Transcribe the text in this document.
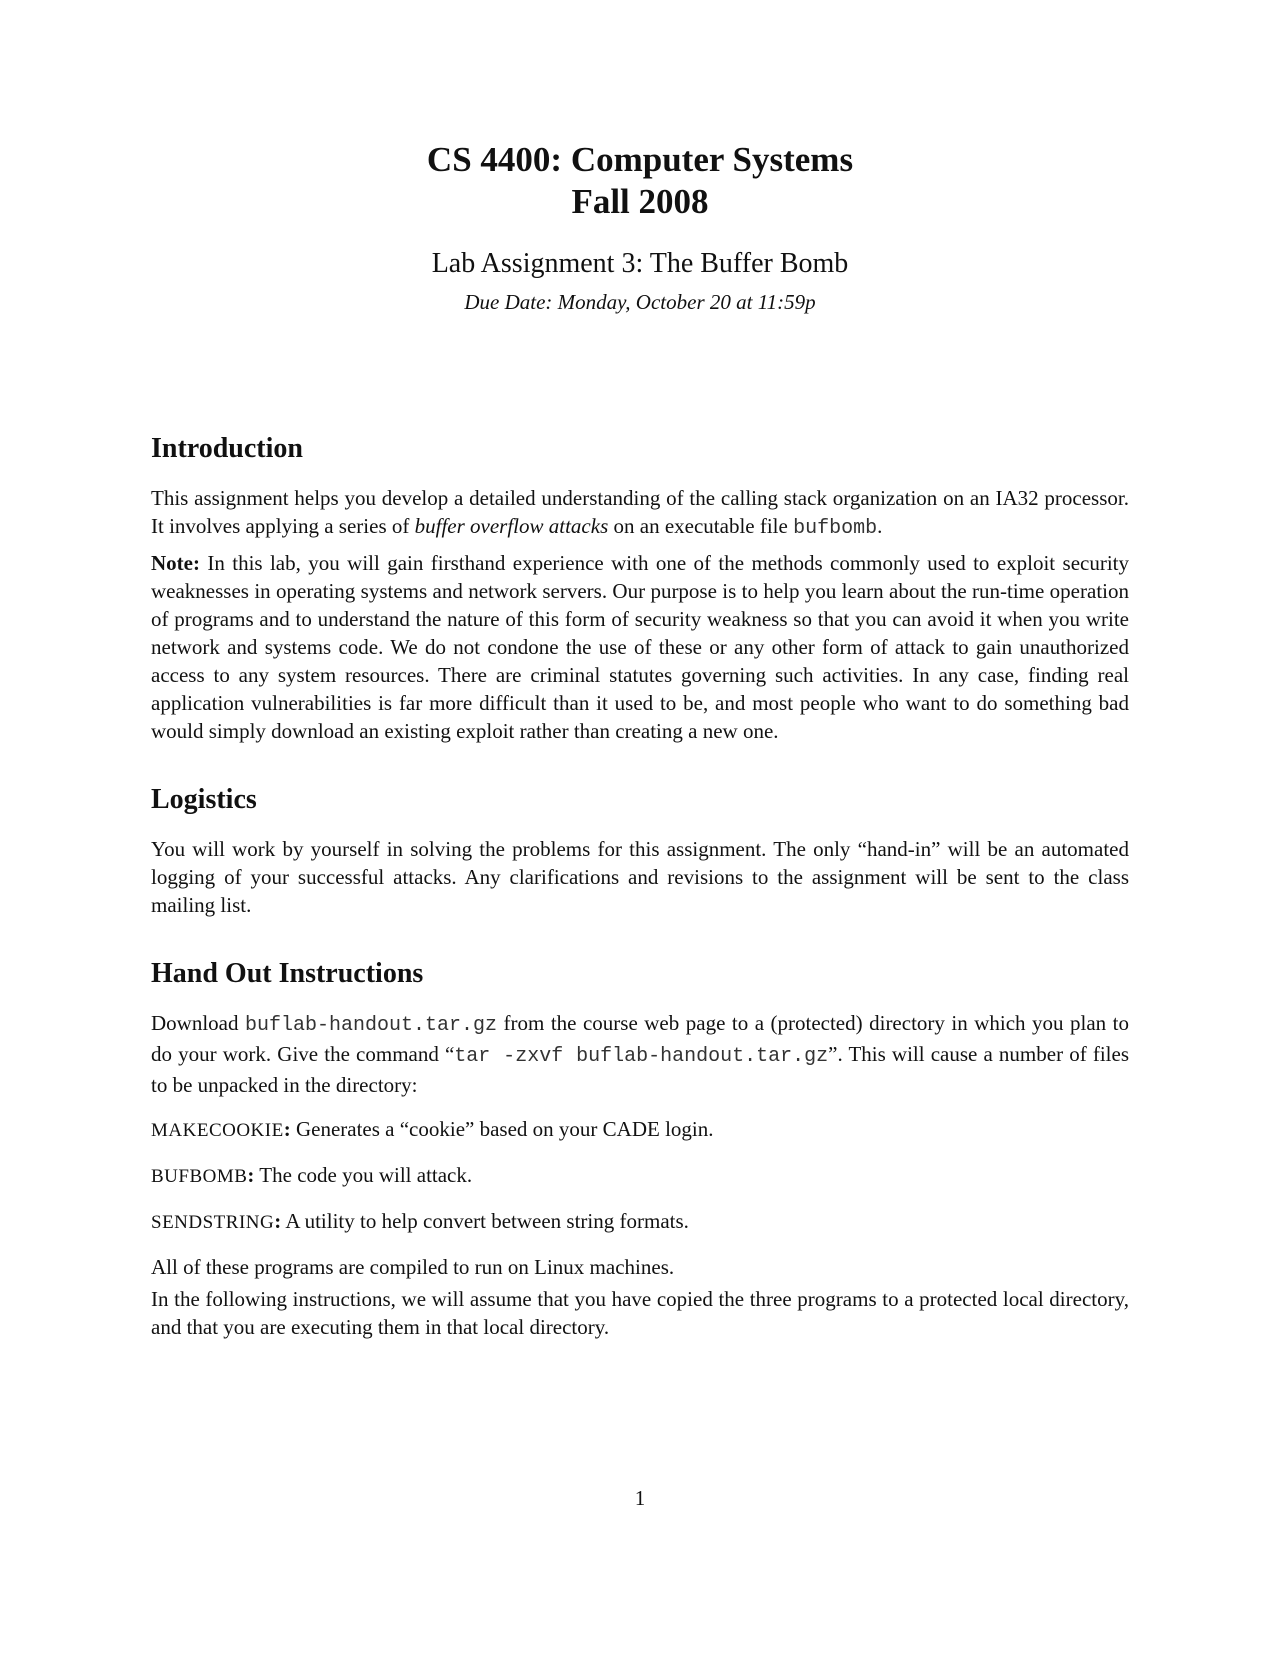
CS 4400: Computer Systems
Fall 2008
Lab Assignment 3: The Buffer Bomb
Due Date: Monday, October 20 at 11:59p
Introduction

This assignment helps you develop a detailed understanding of the calling stack organization on an IA32 processor. It involves applying a series of buffer overflow attacks on an executable file bufbomb.

Note: In this lab, you will gain firsthand experience with one of the methods commonly used to exploit security weaknesses in operating systems and network servers. Our purpose is to help you learn about the run-time operation of programs and to understand the nature of this form of security weakness so that you can avoid it when you write network and systems code. We do not condone the use of these or any other form of attack to gain unauthorized access to any system resources. There are criminal statutes governing such activities. In any case, finding real application vulnerabilities is far more difficult than it used to be, and most people who want to do something bad would simply download an existing exploit rather than creating a new one.

Logistics

You will work by yourself in solving the problems for this assignment. The only “hand-in” will be an automated logging of your successful attacks. Any clarifications and revisions to the assignment will be sent to the class mailing list.

Hand Out Instructions

Download buflab-handout.tar.gz from the course web page to a (protected) directory in which you plan to do your work. Give the command “tar -zxvf buflab-handout.tar.gz”. This will cause a number of files to be unpacked in the directory:

MAKECOOKIE: Generates a “cookie” based on your CADE login.

BUFBOMB: The code you will attack.

SENDSTRING: A utility to help convert between string formats.

All of these programs are compiled to run on Linux machines.

In the following instructions, we will assume that you have copied the three programs to a protected local directory, and that you are executing them in that local directory.

1
